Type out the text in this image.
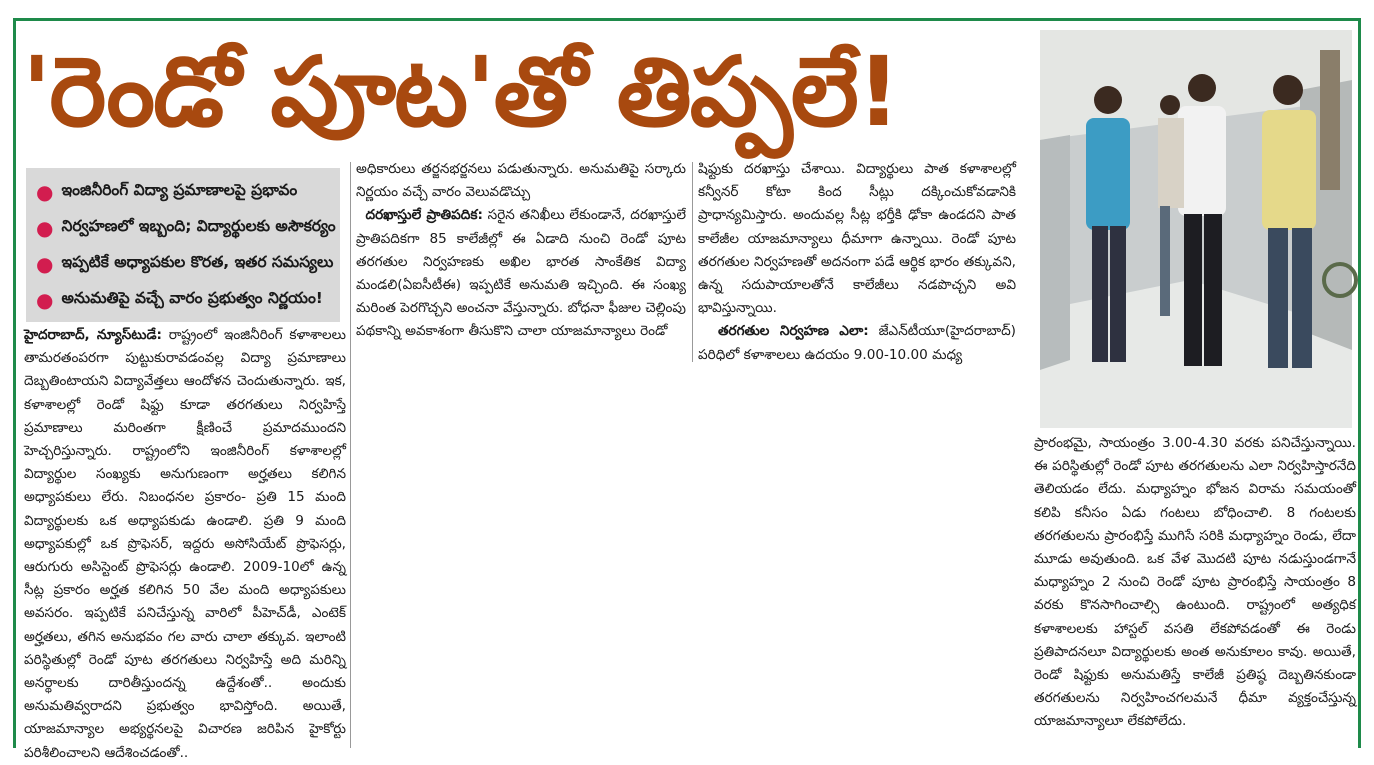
'రెండో పూట'తో తిప్పలే!
● ఇంజినీరింగ్ విద్యా ప్రమాణాలపై ప్రభావం
● నిర్వహణలో ఇబ్బంది; విద్యార్థులకు అసౌకర్యం
● ఇప్పటికే అధ్యాపకుల కొరత, ఇతర సమస్యలు
● అనుమతిపై వచ్చే వారం ప్రభుత్వం నిర్ణయం!

హైదరాబాద్, న్యూస్‌టుడే: రాష్ట్రంలో ఇంజినీరింగ్ కళాశాలలు తామరతంపరగా పుట్టుకురావడంవల్ల విద్యా ప్రమాణాలు దెబ్బతింటాయని విద్యావేత్తలు ఆందోళన చెందుతున్నారు. ఇక, కళాశాలల్లో రెండో షిఫ్టు కూడా తరగతులు నిర్వహిస్తే ప్రమాణాలు మరింతగా క్షీణించే ప్రమాదముందని హెచ్చరిస్తున్నారు. రాష్ట్రంలోని ఇంజినీరింగ్ కళాశాలల్లో విద్యార్థుల సంఖ్యకు అనుగుణంగా అర్హతలు కలిగిన అధ్యాపకులు లేరు. నిబంధనల ప్రకారం- ప్రతి 15 మంది విద్యార్థులకు ఒక అధ్యాపకుడు ఉండాలి. ప్రతి 9 మంది అధ్యాపకుల్లో ఒక ప్రొఫెసర్, ఇద్దరు అసోసియేట్ ప్రొఫెసర్లు, ఆరుగురు అసిస్టెంట్ ప్రొఫెసర్లు ఉండాలి. 2009-10లో ఉన్న సీట్ల ప్రకారం అర్హత కలిగిన 50 వేల మంది అధ్యాపకులు అవసరం. ఇప్పటికే పనిచేస్తున్న వారిలో పీహెచ్‌డీ, ఎంటెక్ అర్హతలు, తగిన అనుభవం గల వారు చాలా తక్కువ. ఇలాంటి పరిస్థితుల్లో రెండో పూట తరగతులు నిర్వహిస్తే అది మరిన్ని అనర్థాలకు దారితీస్తుందన్న ఉద్దేశంతో.. అందుకు అనుమతివ్వరాదని ప్రభుత్వం భావిస్తోంది. అయితే, యాజమాన్యాల అభ్యర్థనలపై విచారణ జరిపిన హైకోర్టు పరిశీలించాలని ఆదేశించడంతో..

అధికారులు తర్జనభర్జనలు పడుతున్నారు. అనుమతిపై సర్కారు నిర్ణయం వచ్చే వారం వెలువడొచ్చు

దరఖాస్తులే ప్రాతిపదిక: సరైన తనిఖీలు లేకుండానే, దరఖాస్తులే ప్రాతిపదికగా 85 కాలేజీల్లో ఈ ఏడాది నుంచి రెండో పూట తరగతుల నిర్వహణకు అఖిల భారత సాంకేతిక విద్యా మండలి(ఏఐసీటీఈ) ఇప్పటికే అనుమతి ఇచ్చింది. ఈ సంఖ్య మరింత పెరగొచ్చని అంచనా వేస్తున్నారు. బోధనా ఫీజుల చెల్లింపు పథకాన్ని అవకాశంగా తీసుకొని చాలా యాజమాన్యాలు రెండో

షిఫ్టుకు దరఖాస్తు చేశాయి. విద్యార్థులు పాత కళాశాలల్లో కన్వీనర్ కోటా కింద సీట్లు దక్కించుకోవడానికి ప్రాధాన్యమిస్తారు. అందువల్ల సీట్ల భర్తీకి ఢోకా ఉండదని పాత కాలేజీల యాజమాన్యాలు ధీమాగా ఉన్నాయి. రెండో పూట తరగతుల నిర్వహణతో అదనంగా పడే ఆర్థిక భారం తక్కువని, ఉన్న సదుపాయాలతోనే కాలేజీలు నడపొచ్చని అవి భావిస్తున్నాయి.

తరగతుల నిర్వహణ ఎలా: జేఎన్‌టీయూ(హైదరాబాద్) పరిధిలో కళాశాలలు ఉదయం 9.00-10.00 మధ్య

ప్రారంభమై, సాయంత్రం 3.00-4.30 వరకు పనిచేస్తున్నాయి. ఈ పరిస్థితుల్లో రెండో పూట తరగతులను ఎలా నిర్వహిస్తారనేది తెలియడం లేదు. మధ్యాహ్నం భోజన విరామ సమయంతో కలిపి కనీసం ఏడు గంటలు బోధించాలి. 8 గంటలకు తరగతులను ప్రారంభిస్తే ముగిసే సరికి మధ్యాహ్నం రెండు, లేదా మూడు అవుతుంది. ఒక వేళ మొదటి పూట నడుస్తుండగానే మధ్యాహ్నం 2 నుంచి రెండో పూట ప్రారంభిస్తే సాయంత్రం 8 వరకు కొనసాగించాల్సి ఉంటుంది. రాష్ట్రంలో అత్యధిక కళాశాలలకు హాస్టల్ వసతి లేకపోవడంతో ఈ రెండు ప్రతిపాదనలూ విద్యార్థులకు అంత అనుకూలం కావు. అయితే, రెండో షిఫ్టుకు అనుమతిస్తే కాలేజీ ప్రతిష్ఠ దెబ్బతినకుండా తరగతులను నిర్వహించగలమనే ధీమా వ్యక్తంచేస్తున్న యాజమాన్యాలూ లేకపోలేదు.
